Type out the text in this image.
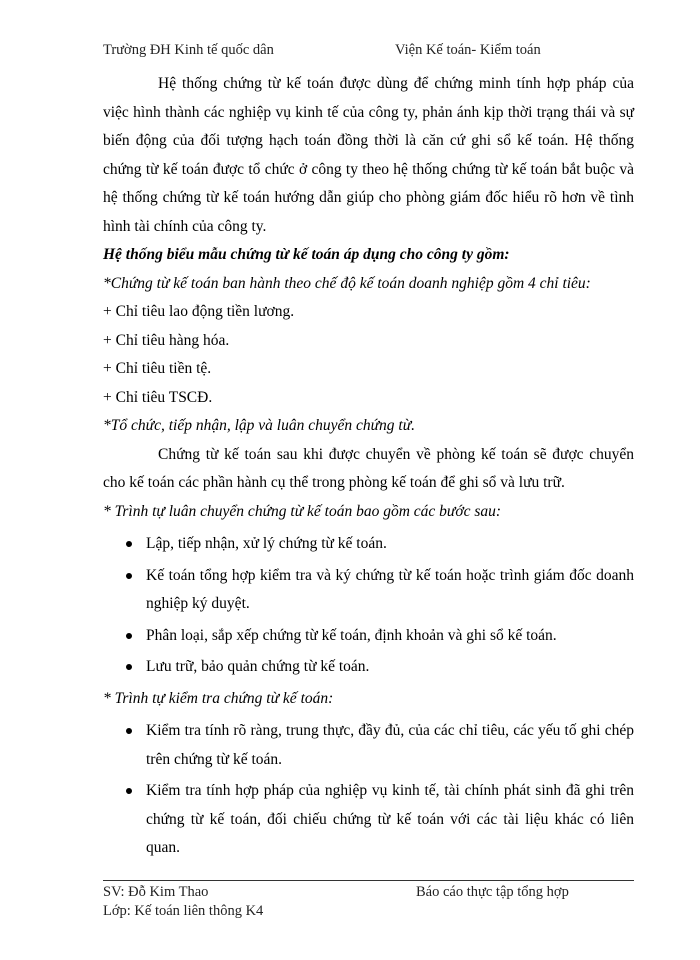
Trường ĐH Kinh tế quốc dân	Viện Kế toán- Kiểm toán

Hệ thống chứng từ kế toán được dùng để chứng minh tính hợp pháp của việc hình thành các nghiệp vụ kinh tế của công ty, phản ánh kịp thời trạng thái và sự biến động của đối tượng hạch toán đồng thời là căn cứ ghi sổ kế toán. Hệ thống chứng từ kế toán được tổ chức ở công ty theo hệ thống chứng từ kế toán bắt buộc và hệ thống chứng từ kế toán hướng dẫn giúp cho phòng giám đốc hiểu rõ hơn về tình hình tài chính của công ty.

Hệ thống biểu mẫu chứng từ kế toán áp dụng cho công ty gồm:

*Chứng từ kế toán ban hành theo chế độ kế toán doanh nghiệp gồm 4 chỉ tiêu:

+ Chỉ tiêu lao động tiền lương.

+ Chỉ tiêu hàng hóa.

+ Chỉ tiêu tiền tệ.

+ Chỉ tiêu TSCĐ.

*Tổ chức, tiếp nhận, lập và luân chuyển chứng từ.

Chứng từ kế toán sau khi được chuyển về phòng kế toán sẽ được chuyển cho kế toán các phần hành cụ thể trong phòng kế toán để ghi sổ và lưu trữ.

* Trình tự luân chuyển chứng từ kế toán bao gồm các bước sau:

Lập, tiếp nhận, xử lý chứng từ kế toán.
Kế toán tổng hợp kiểm tra và ký chứng từ kế toán hoặc trình giám đốc doanh nghiệp ký duyệt.
Phân loại, sắp xếp chứng từ kế toán, định khoản và ghi sổ kế toán.
Lưu trữ, bảo quản chứng từ kế toán.

* Trình tự kiểm tra chứng từ kế toán:

Kiểm tra tính rõ ràng, trung thực, đầy đủ, của các chỉ tiêu, các yếu tố ghi chép trên chứng từ kế toán.
Kiểm tra tính hợp pháp của nghiệp vụ kinh tế, tài chính phát sinh đã ghi trên chứng từ kế toán, đối chiếu chứng từ kế toán với các tài liệu khác có liên quan.
SV: Đỗ Kim Thao	Báo cáo thực tập tổng hợp
Lớp: Kế toán liên thông K4
